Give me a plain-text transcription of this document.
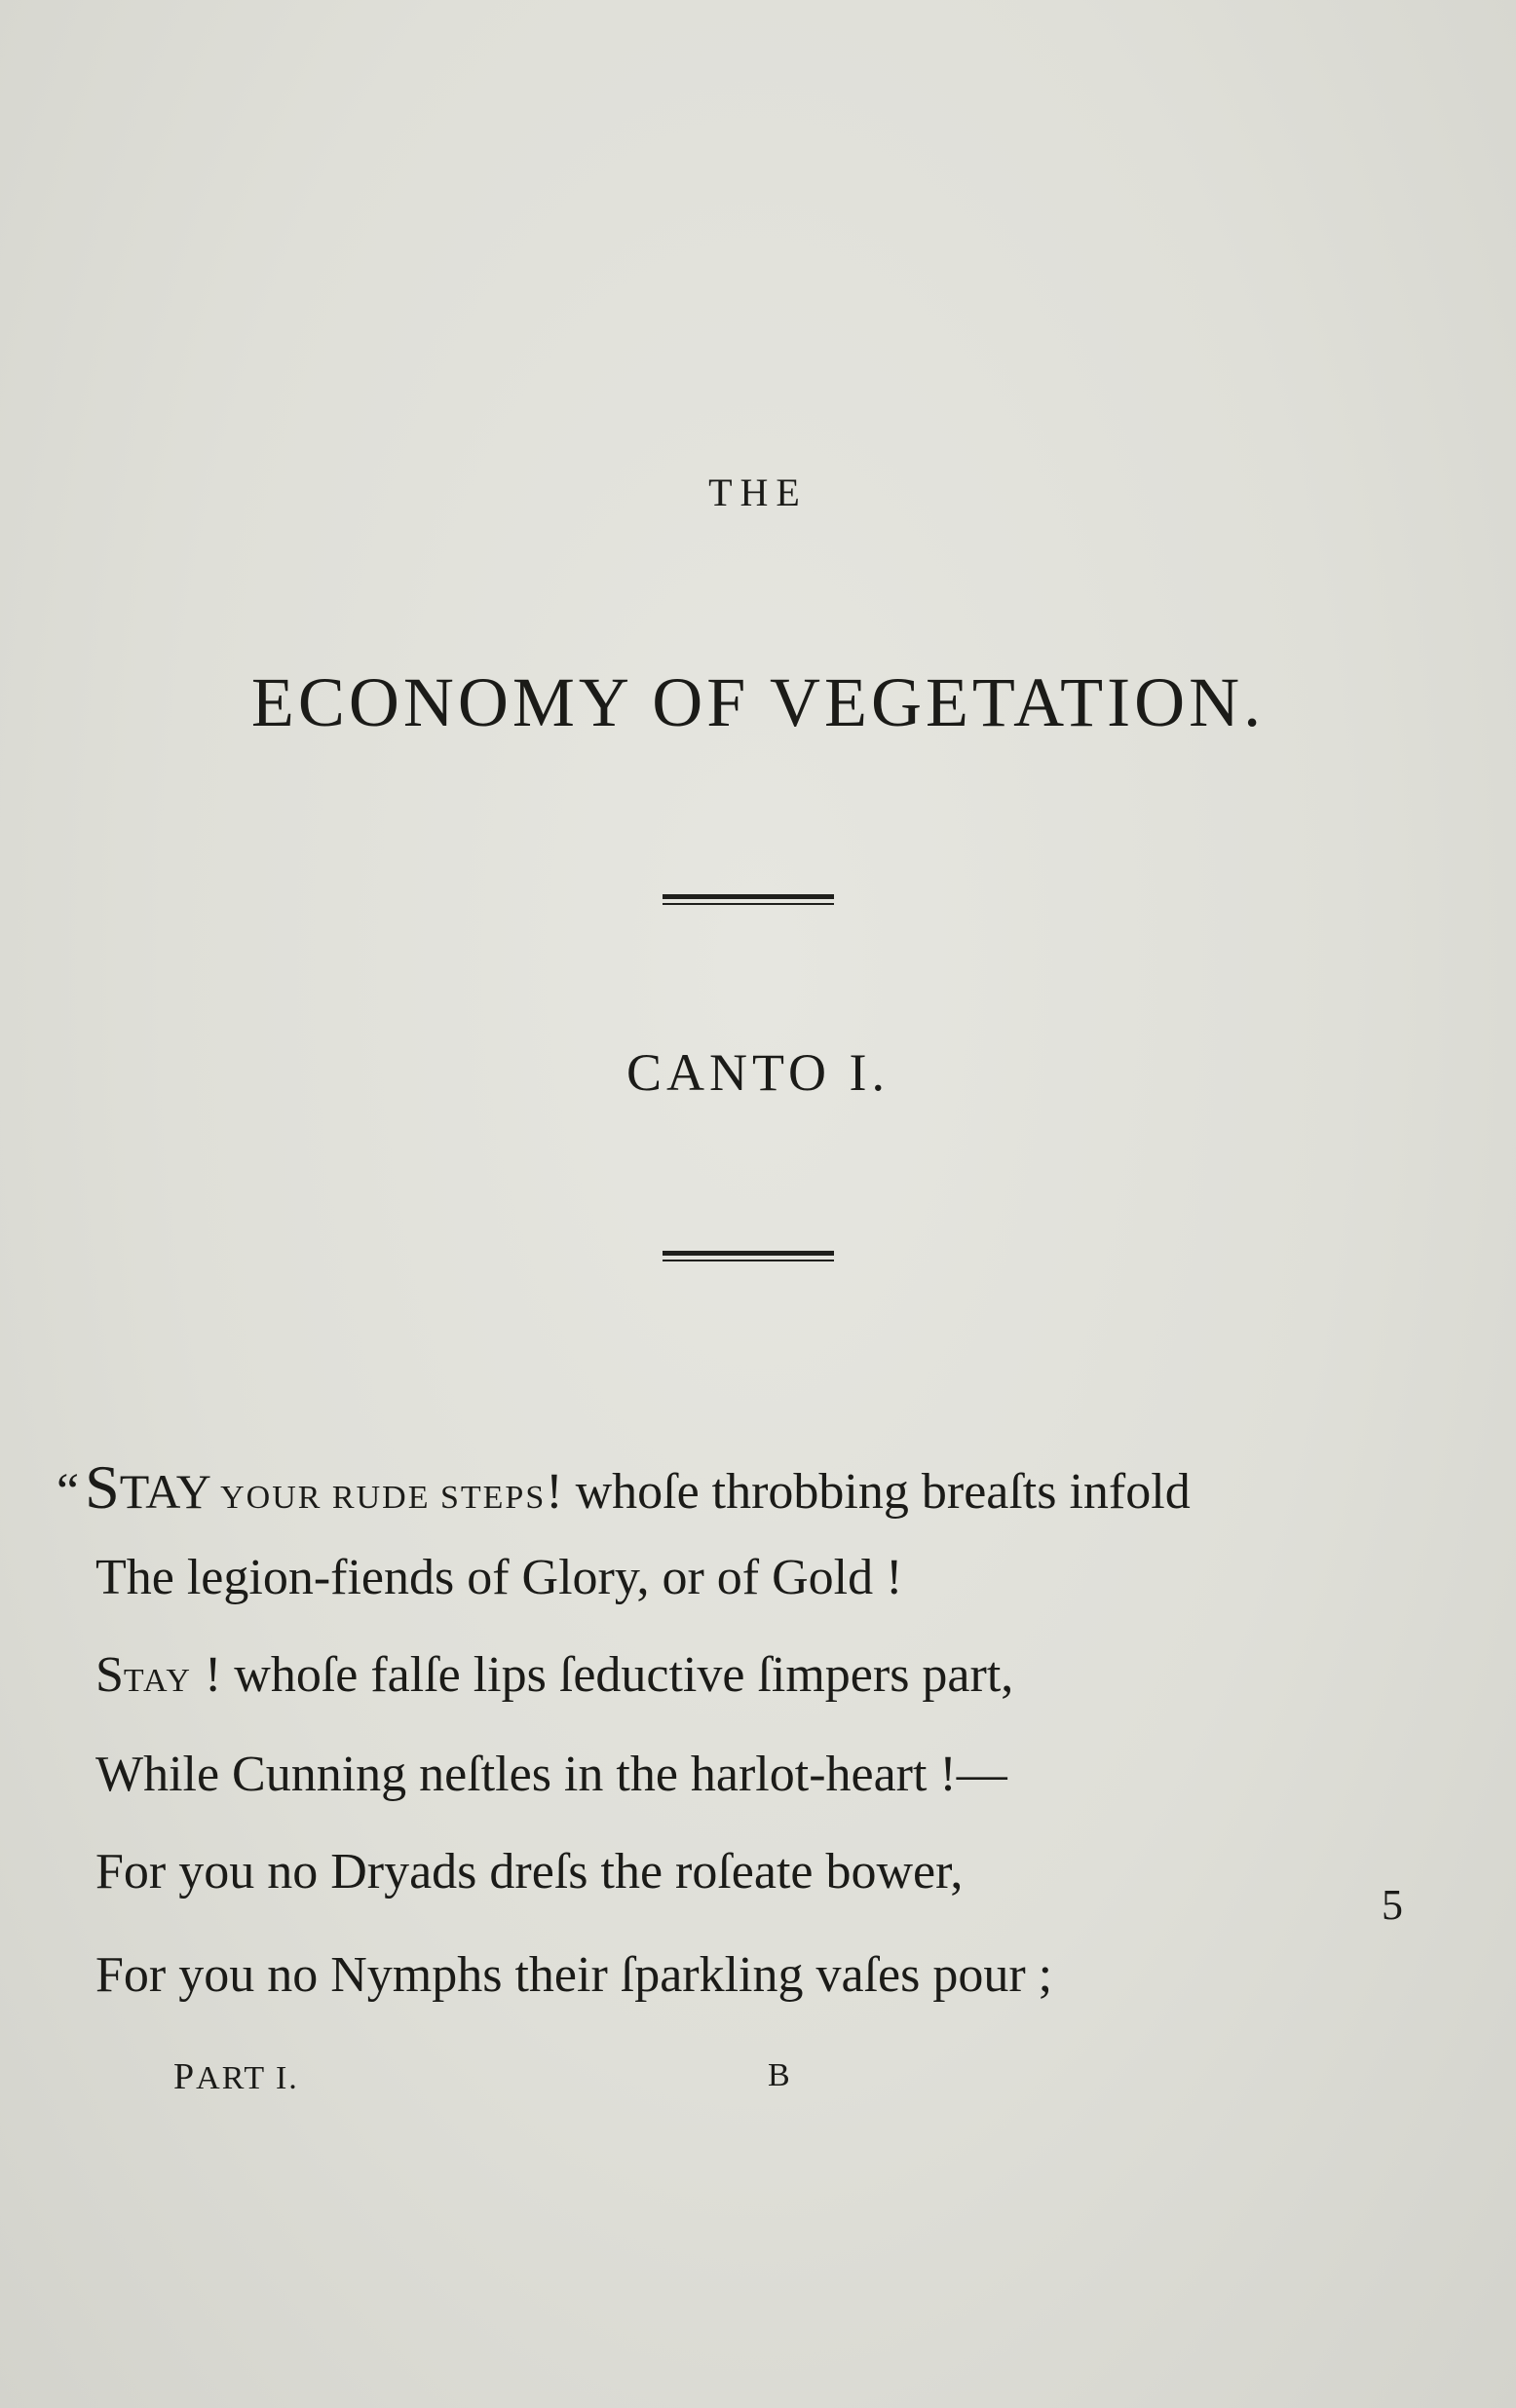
THE
ECONOMY OF VEGETATION.
CANTO I.
“STAY YOUR RUDE STEPS! whoſe throbbing breaſts infold
The legion-fiends of Glory, or of Gold !
STAY ! whoſe falſe lips ſeductive ſimpers part,
While Cunning neſtles in the harlot-heart !—
For you no Dryads dreſs the roſeate bower,
For you no Nymphs their ſparkling vaſes pour ;
5
PART I.	B
